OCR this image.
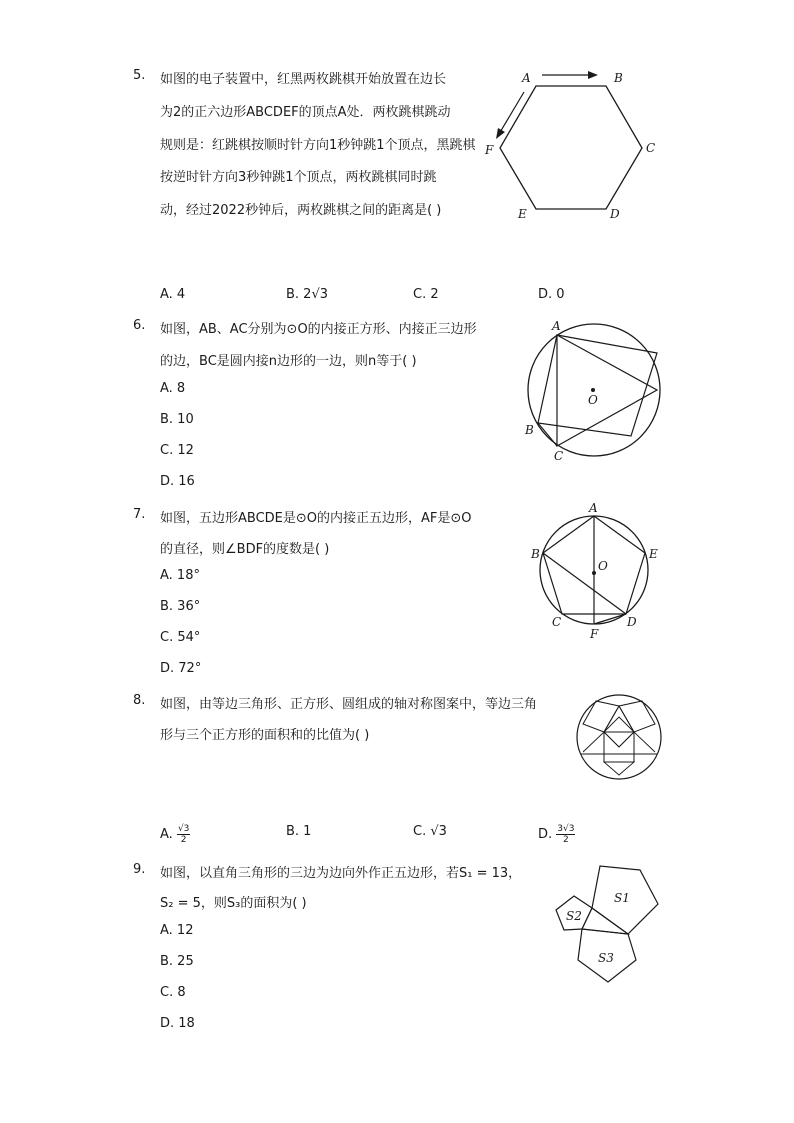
5. 如图的电子装置中，红黑两枚跳棋开始放置在边长
为2的正六边形ABCDEF的顶点A处．两枚跳棋跳动
规则是：红跳棋按顺时针方向1秒钟跳1个顶点，黑跳棋
按逆时针方向3秒钟跳1个顶点，两枚跳棋同时跳
动，经过2022秒钟后，两枚跳棋之间的距离是( )
A	B
C
D
E
F
A. 4	B. 2√3	C. 2	D. 0
6. 如图，AB、AC分别为⊙O的内接正方形、内接正三边形
的边，BC是圆内接n边形的一边，则n等于( )
A. 8
B. 10
C. 12
D. 16
A
O
B
C
7. 如图，五边形ABCDE是⊙O的内接正五边形，AF是⊙O
的直径，则∠BDF的度数是( )
A. 18°
B. 36°
C. 54°
D. 72°
A
B	E
O
C
F
D
8. 如图，由等边三角形、正方形、圆组成的轴对称图案中，等边三角
形与三个正方形的面积和的比值为( )
A. $\frac{√3}{2}$	B. 1	C. √3	D. $\frac{3√3}{2}$
9. 如图，以直角三角形的三边为边向外作正五边形，若S₁ = 13，
S₂ = 5，则S₃的面积为( )
A. 12
B. 25
C. 8
D. 18
S1
S2
S3
